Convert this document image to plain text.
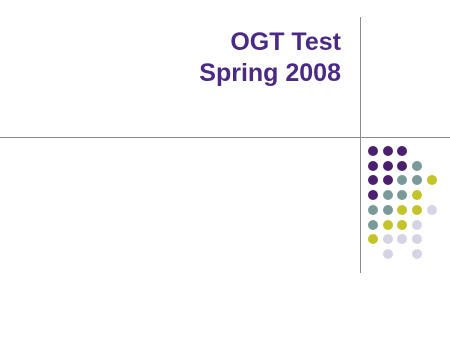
OGT Test
Spring 2008
